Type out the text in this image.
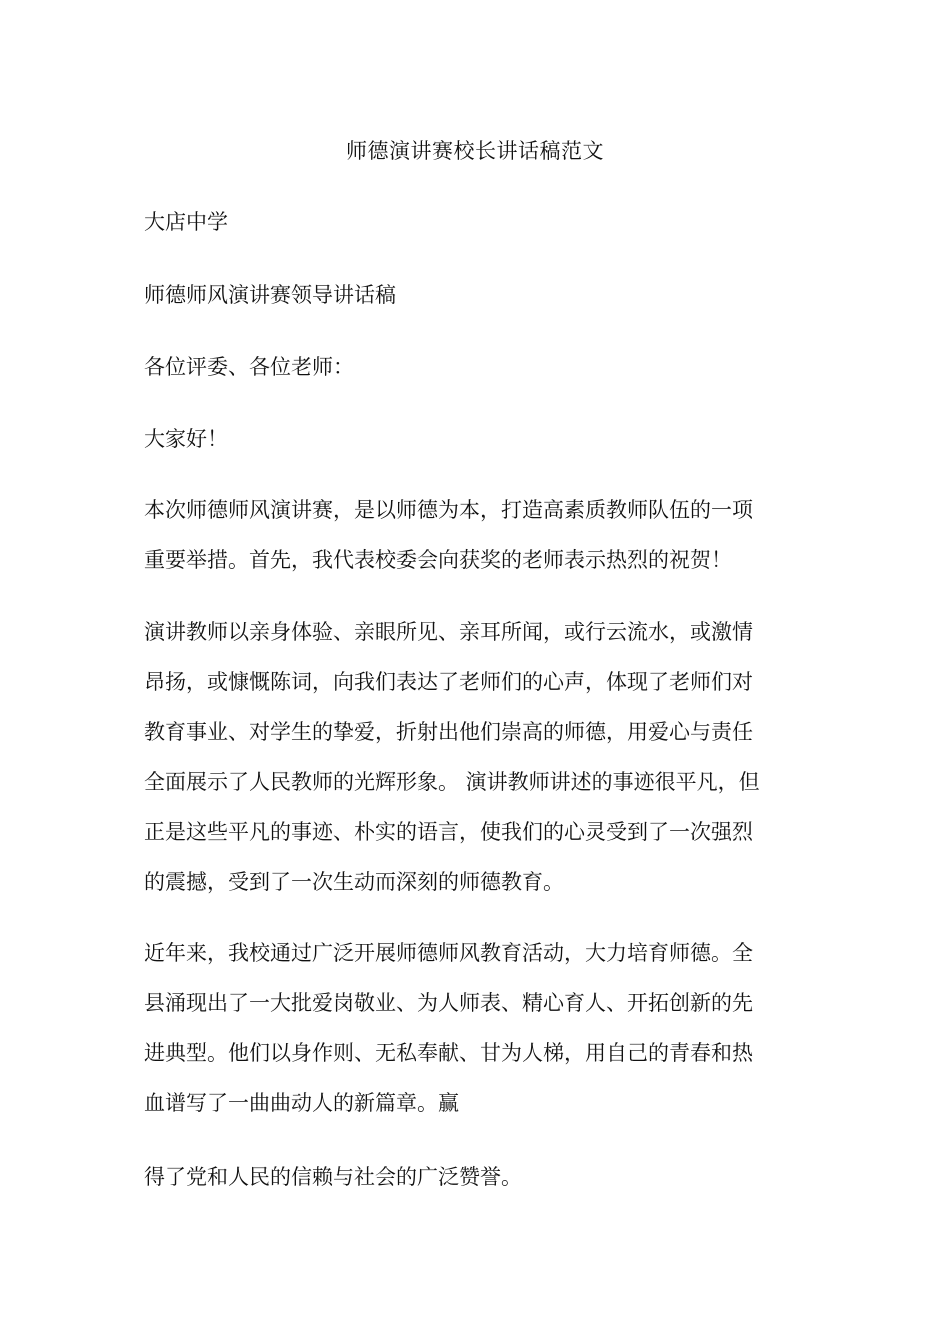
师德演讲赛校长讲话稿范文
大店中学
师德师风演讲赛领导讲话稿
各位评委、各位老师：
大家好！
本次师德师风演讲赛，是以师德为本，打造高素质教师队伍的一项
重要举措。首先，我代表校委会向获奖的老师表示热烈的祝贺！
演讲教师以亲身体验、亲眼所见、亲耳所闻，或行云流水，或激情
昂扬，或慷慨陈词，向我们表达了老师们的心声，体现了老师们对
教育事业、对学生的挚爱，折射出他们崇高的师德，用爱心与责任
全面展示了人民教师的光辉形象。 演讲教师讲述的事迹很平凡，但
正是这些平凡的事迹、朴实的语言，使我们的心灵受到了一次强烈
的震撼，受到了一次生动而深刻的师德教育。
近年来，我校通过广泛开展师德师风教育活动，大力培育师德。全
县涌现出了一大批爱岗敬业、为人师表、精心育人、开拓创新的先
进典型。他们以身作则、无私奉献、甘为人梯，用自己的青春和热
血谱写了一曲曲动人的新篇章。赢
得了党和人民的信赖与社会的广泛赞誉。
